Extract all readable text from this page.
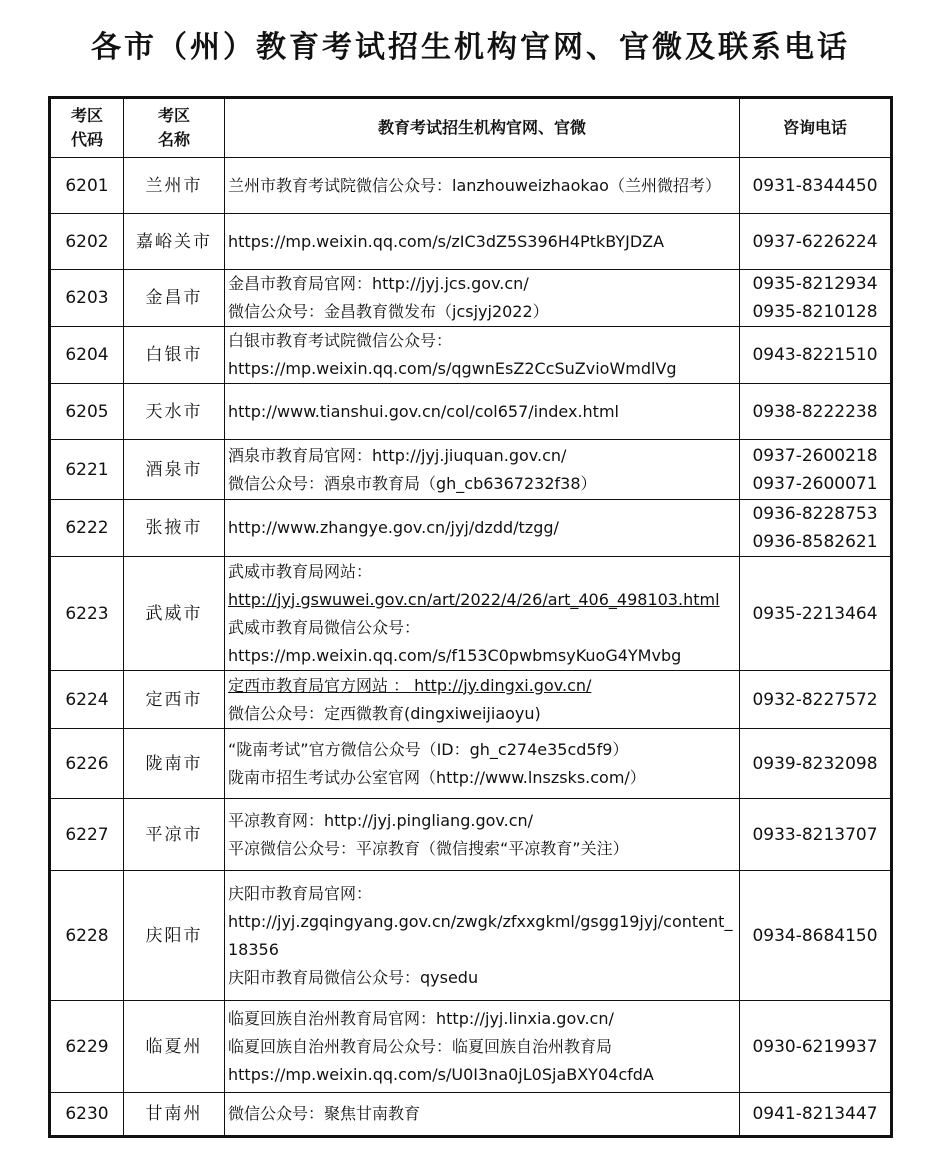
各市（州）教育考试招生机构官网、官微及联系电话
考区
代码	考区
名称	教育考试招生机构官网、官微	咨询电话
6201	兰州市	兰州市教育考试院微信公众号：lanzhouweizhaokao（兰州微招考）	0931-8344450

6202	嘉峪关市	https://mp.weixin.qq.com/s/zIC3dZ5S396H4PtkBYJDZA	0937-6226224

6203	金昌市	金昌市教育局官网：http://jyj.jcs.gov.cn/
微信公众号：金昌教育微发布（jcsjyj2022）	0935-8212934
0935-8210128

6204	白银市	白银市教育考试院微信公众号：
https://mp.weixin.qq.com/s/qgwnEsZ2CcSuZvioWmdlVg	0943-8221510

6205	天水市	http://www.tianshui.gov.cn/col/col657/index.html	0938-8222238

6221	酒泉市	酒泉市教育局官网：http://jyj.jiuquan.gov.cn/
微信公众号：酒泉市教育局（gh_cb6367232f38）	0937-2600218
0937-2600071

6222	张掖市	http://www.zhangye.gov.cn/jyj/dzdd/tzgg/	0936-8228753
0936-8582621

6223	武威市	武威市教育局网站：
http://jyj.gswuwei.gov.cn/art/2022/4/26/art_406_498103.html
武威市教育局微信公众号：
https://mp.weixin.qq.com/s/f153C0pwbmsyKuoG4YMvbg	0935-2213464

6224	定西市	定西市教育局官方网站 ： http://jy.dingxi.gov.cn/
微信公众号：定西微教育(dingxiweijiaoyu)	0932-8227572

6226	陇南市	“陇南考试”官方微信公众号（ID：gh_c274e35cd5f9）
陇南市招生考试办公室官网（http://www.lnszsks.com/）	0939-8232098

6227	平凉市	平凉教育网：http://jyj.pingliang.gov.cn/
平凉微信公众号：平凉教育（微信搜索“平凉教育”关注）	0933-8213707

6228	庆阳市	庆阳市教育局官网：
http://jyj.zgqingyang.gov.cn/zwgk/zfxxgkml/gsgg19jyj/content_18356
庆阳市教育局微信公众号：qysedu	0934-8684150

6229	临夏州	临夏回族自治州教育局官网：http://jyj.linxia.gov.cn/
临夏回族自治州教育局公众号：临夏回族自治州教育局
https://mp.weixin.qq.com/s/U0I3na0jL0SjaBXY04cfdA	0930-6219937

6230	甘南州	微信公众号：聚焦甘南教育	0941-8213447
